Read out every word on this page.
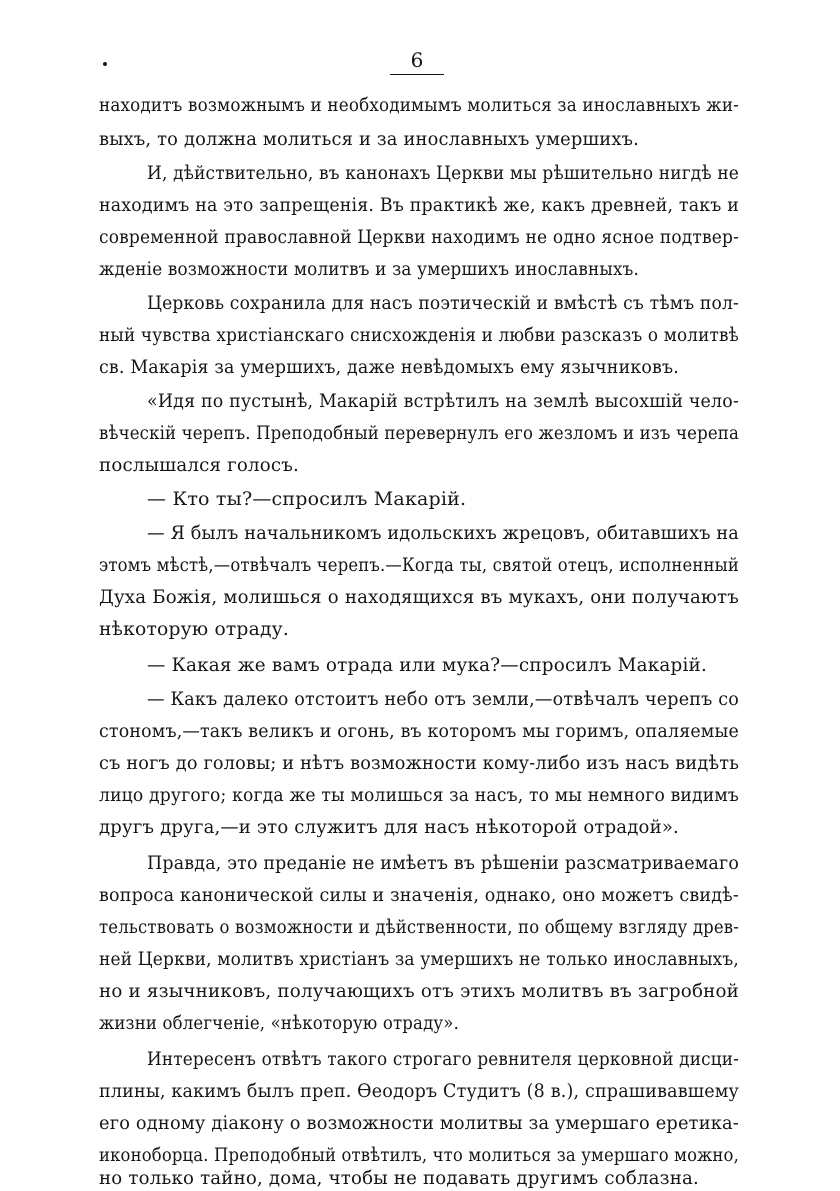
6
находитъ возможнымъ и необходимымъ молиться за инославныхъ жи-
выхъ, то должна молиться и за инославныхъ умершихъ.
И, дѣйствительно, въ канонахъ Церкви мы рѣшительно нигдѣ не
находимъ на это запрещенія. Въ практикѣ же, какъ древней, такъ и
современной православной Церкви находимъ не одно ясное подтвер-
жденіе возможности молитвъ и за умершихъ инославныхъ.
Церковь сохранила для насъ поэтическій и вмѣстѣ съ тѣмъ пол-
ный чувства христіанскаго снисхожденія и любви разсказъ о молитвѣ
св. Макарія за умершихъ, даже невѣдомыхъ ему язычниковъ.
«Идя по пустынѣ, Макарій встрѣтилъ на землѣ высохшій чело-
вѣческій черепъ. Преподобный перевернулъ его жезломъ и изъ черепа
послышался голосъ.
— Кто ты?—спросилъ Макарій.
— Я былъ начальникомъ идольскихъ жрецовъ, обитавшихъ на
этомъ мѣстѣ,—отвѣчалъ черепъ.—Когда ты, святой отецъ, исполненный
Духа Божія, молишься о находящихся въ мукахъ, они получаютъ
нѣкоторую отраду.
— Какая же вамъ отрада или мука?—спросилъ Макарій.
— Какъ далеко отстоитъ небо отъ земли,—отвѣчалъ черепъ со
стономъ,—такъ великъ и огонь, въ которомъ мы горимъ, опаляемые
съ ногъ до головы; и нѣтъ возможности кому-либо изъ насъ видѣть
лицо другого; когда же ты молишься за насъ, то мы немного видимъ
другъ друга,—и это служитъ для насъ нѣкоторой отрадой».
Правда, это преданіе не имѣетъ въ рѣшеніи разсматриваемаго
вопроса каноническoй силы и значенія, однако, оно можетъ свидѣ-
тельствовать о возможности и дѣйственности, по общему взгляду древ-
ней Церкви, молитвъ христіанъ за умершихъ не только инославныхъ,
но и язычниковъ, получающихъ отъ этихъ молитвъ въ загробной
жизни облегченіе, «нѣкоторую отраду».
Интересенъ отвѣтъ такого строгаго ревнителя церковной дисци-
плины, какимъ былъ преп. Ѳеодоръ Студитъ (8 в.), спрашивавшему
его одному діакону о возможности молитвы за умершаго еретика-
иконоборца. Преподобный отвѣтилъ, что молиться за умершаго можно,
но только тайно, дома, чтобы не подавать другимъ соблазна.
